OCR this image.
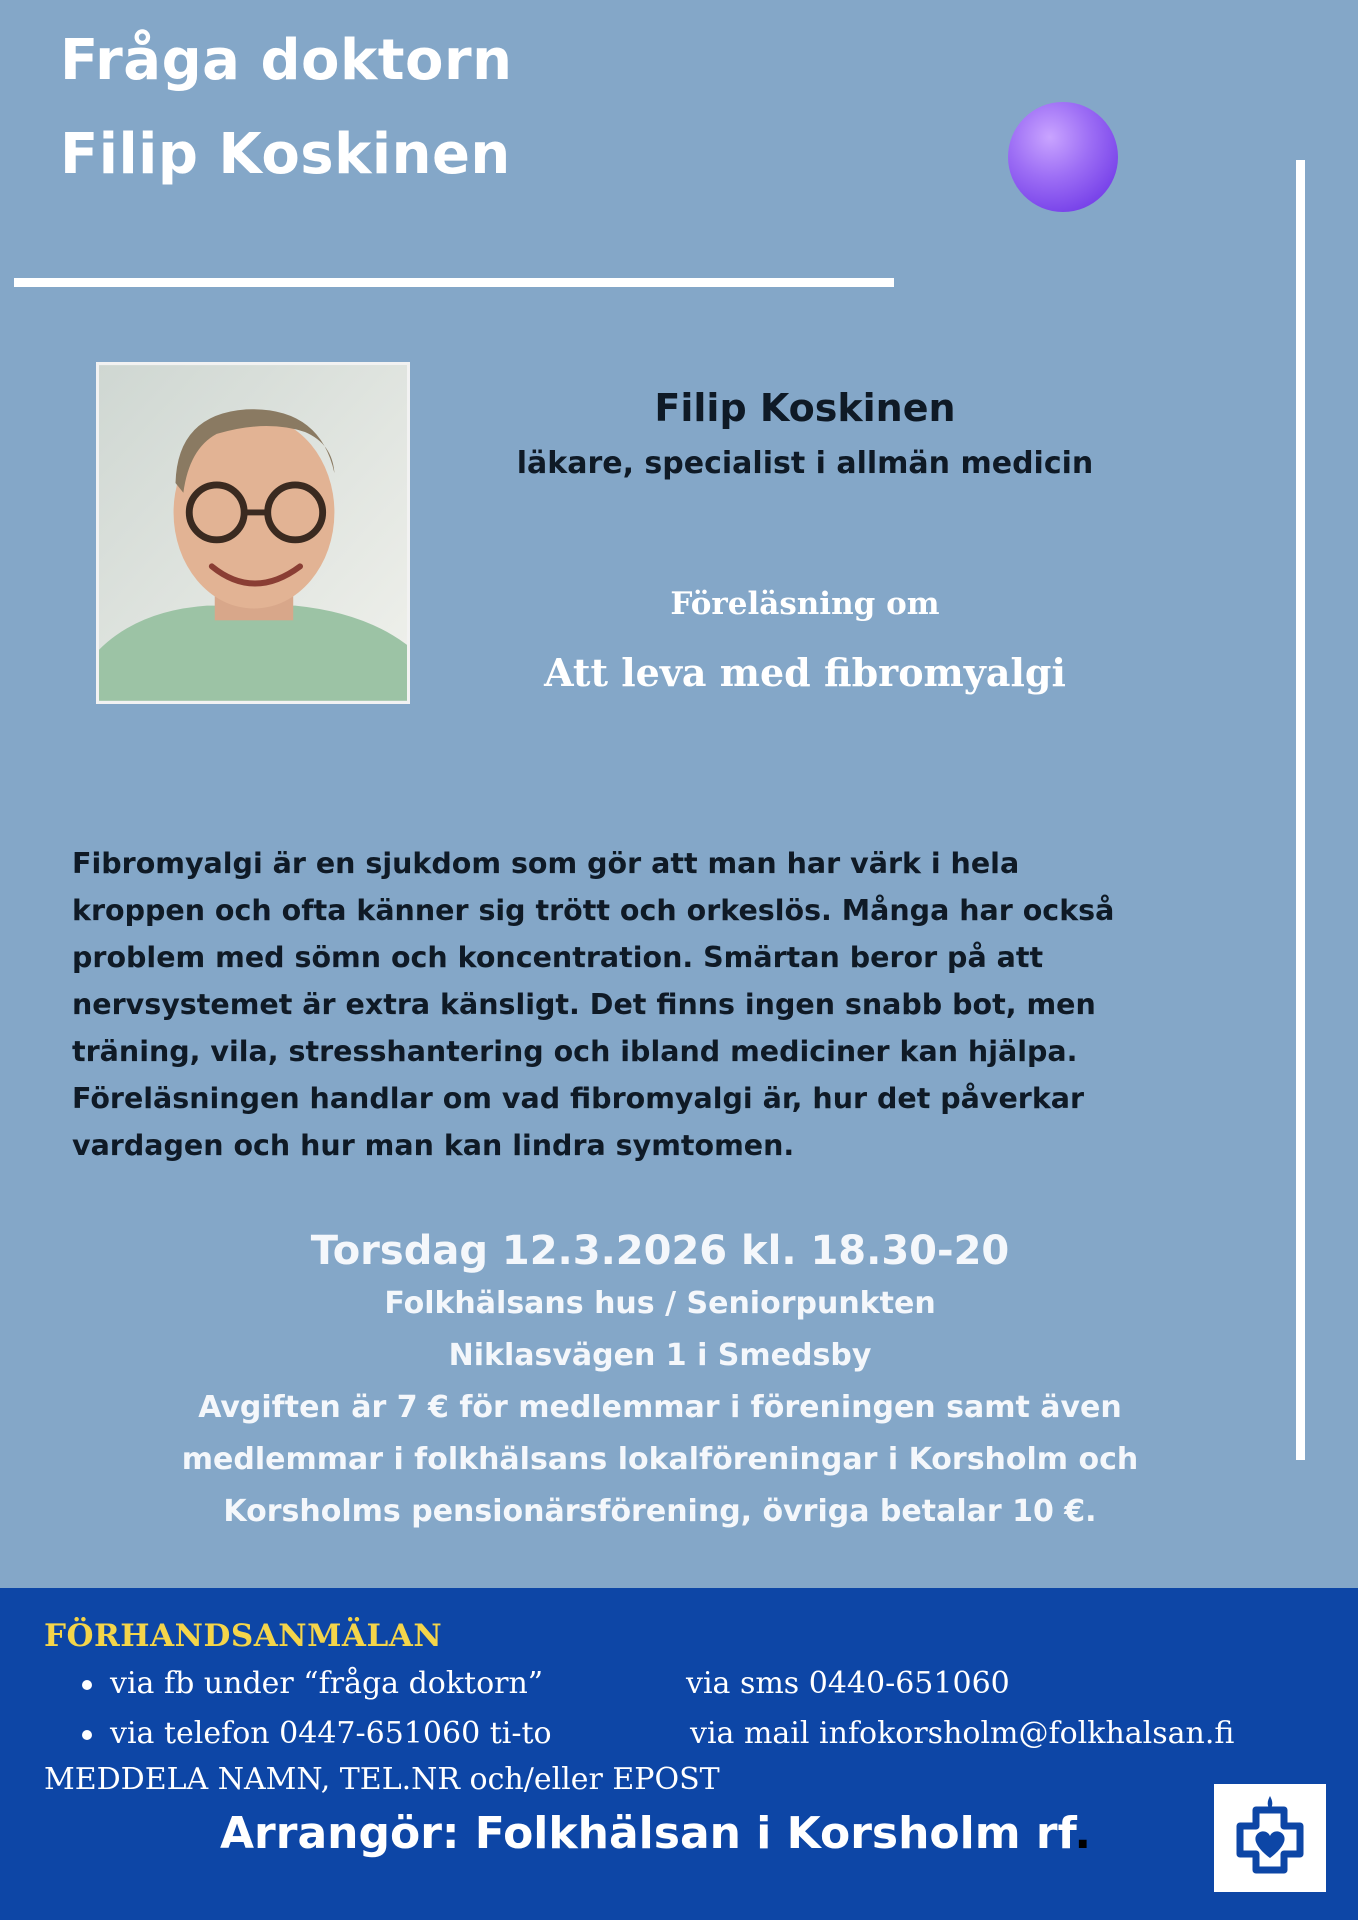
Fråga doktorn
Filip Koskinen
Filip Koskinen
läkare, specialist i allmän medicin
Föreläsning om
Att leva med fibromyalgi
Fibromyalgi är en sjukdom som gör att man har värk i hela
kroppen och ofta känner sig trött och orkeslös. Många har också
problem med sömn och koncentration. Smärtan beror på att
nervsystemet är extra känsligt. Det finns ingen snabb bot, men
träning, vila, stresshantering och ibland mediciner kan hjälpa.
Föreläsningen handlar om vad fibromyalgi är, hur det påverkar
vardagen och hur man kan lindra symtomen.
Torsdag 12.3.2026 kl. 18.30-20
Folkhälsans hus / Seniorpunkten
Niklasvägen 1 i Smedsby
Avgiften är 7 € för medlemmar i föreningen samt även
medlemmar i folkhälsans lokalföreningar i Korsholm och
Korsholms pensionärsförening, övriga betalar 10 €.
FÖRHANDSANMÄLAN
via fb under “fråga doktorn”
via telefon 0447-651060 ti-to
via sms 0440-651060
via mail infokorsholm@folkhalsan.fi
MEDDELA NAMN, TEL.NR och/eller EPOST
Arrangör: Folkhälsan i Korsholm rf.
